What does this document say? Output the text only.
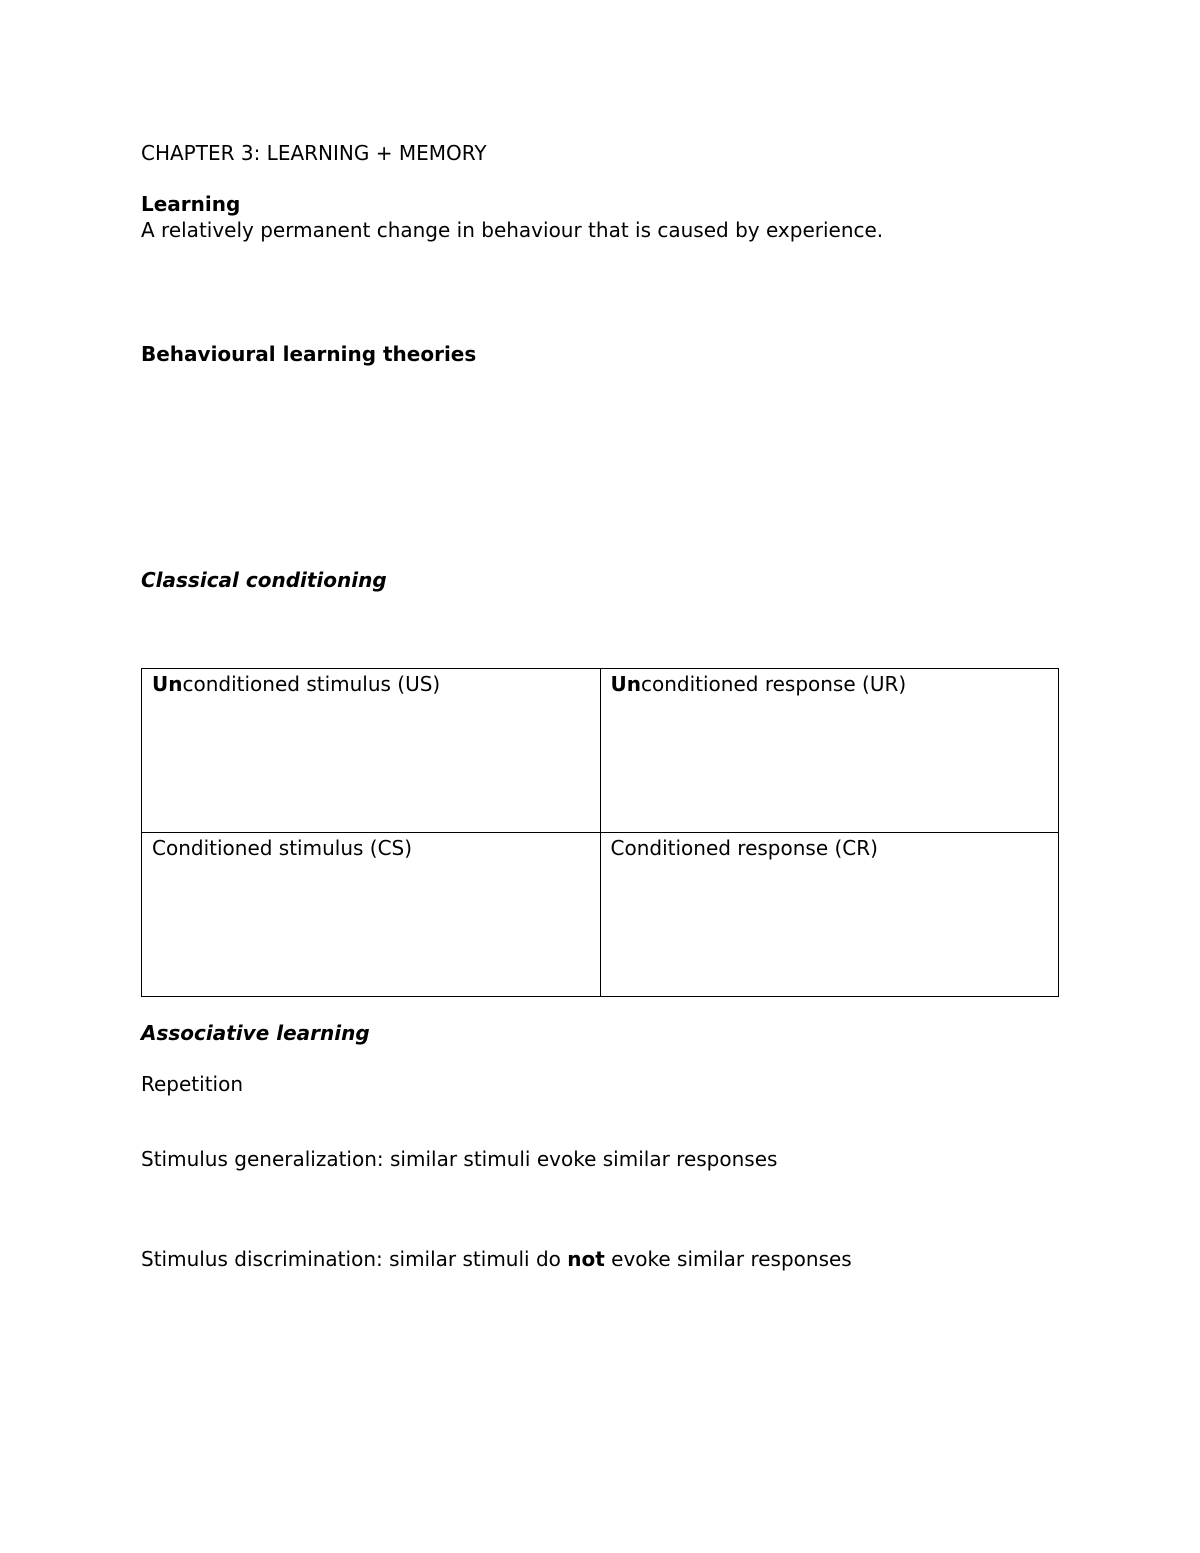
CHAPTER 3: LEARNING + MEMORY
Learning
A relatively permanent change in behaviour that is caused by experience.
Behavioural learning theories
Classical conditioning
Unconditioned stimulus (US)	Unconditioned response (UR)
Conditioned stimulus (CS)	Conditioned response (CR)
Associative learning
Repetition
Stimulus generalization: similar stimuli evoke similar responses
Stimulus discrimination: similar stimuli do not evoke similar responses
